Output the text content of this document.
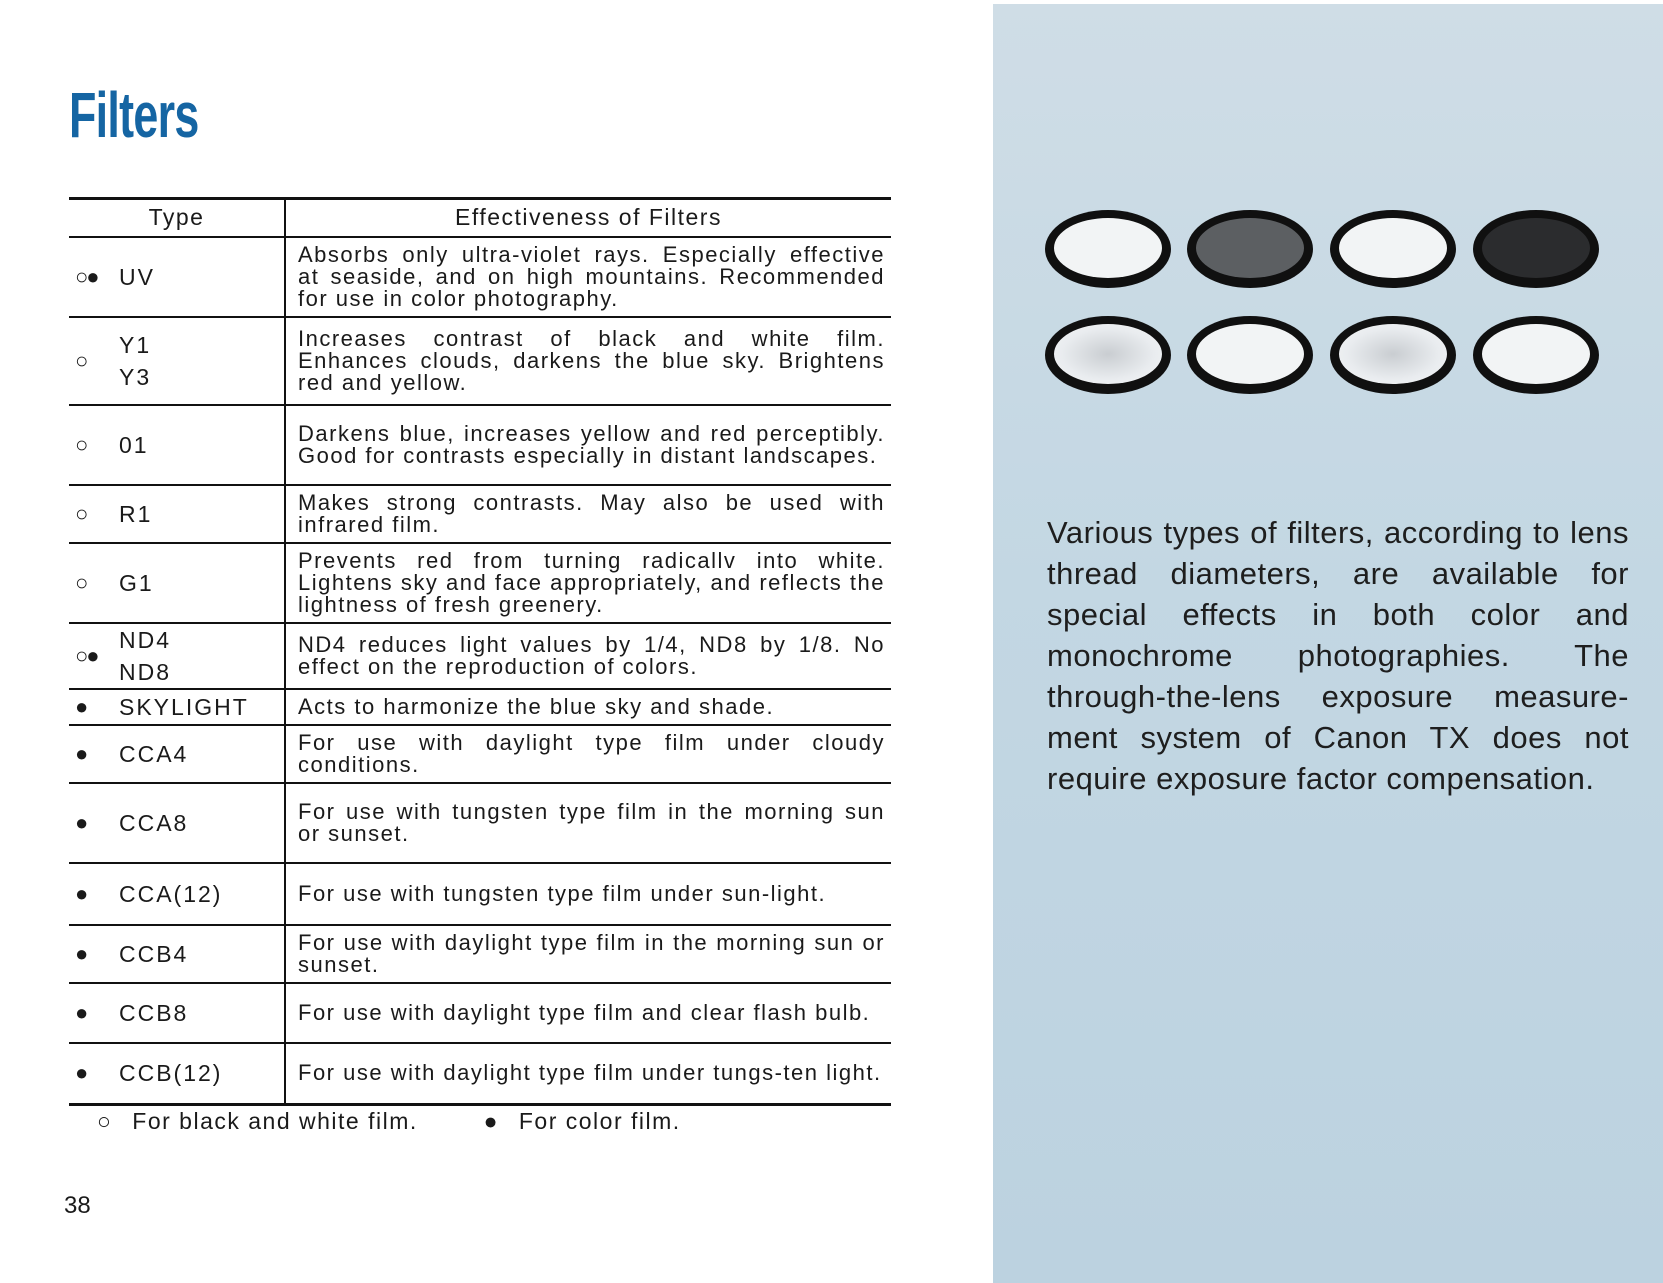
Filters
Type	Effectiveness of Filters

○● UV	Absorbs only ultra-violet rays. Especially effective at seaside, and on high mountains. Recommended for use in color photography.

○
Y1
Y3	Increases contrast of black and white film. Enhances clouds, darkens the blue sky. Brightens red and yellow.

○ 01	Darkens blue, increases yellow and red perceptibly. Good for contrasts especially in distant landscapes.

○ R1	Makes strong contrasts. May also be used with infrared film.

○ G1	Prevents red from turning radicallv into white. Lightens sky and face appropriately, and reflects the lightness of fresh greenery.

○●
ND4
ND8	ND4 reduces light values by 1/4, ND8 by 1/8. No effect on the reproduction of colors.

● SKYLIGHT	Acts to harmonize the blue sky and shade.

● CCA4	For use with daylight type film under cloudy conditions.

● CCA8	For use with tungsten type film in the morning sun or sunset.

● CCA(12)	For use with tungsten type film under sun-light.

● CCB4	For use with daylight type film in the morning sun or sunset.

● CCB8	For use with daylight type film and clear flash bulb.

● CCB(12)	For use with daylight type film under tungs-ten light.
○ For black and white film.	● For color film.
38

Various types of filters, according to lens thread diameters, are available for special effects in both color and monochrome photographies. The through-the-lens exposure measure-ment system of Canon TX does not require exposure factor compensation.
